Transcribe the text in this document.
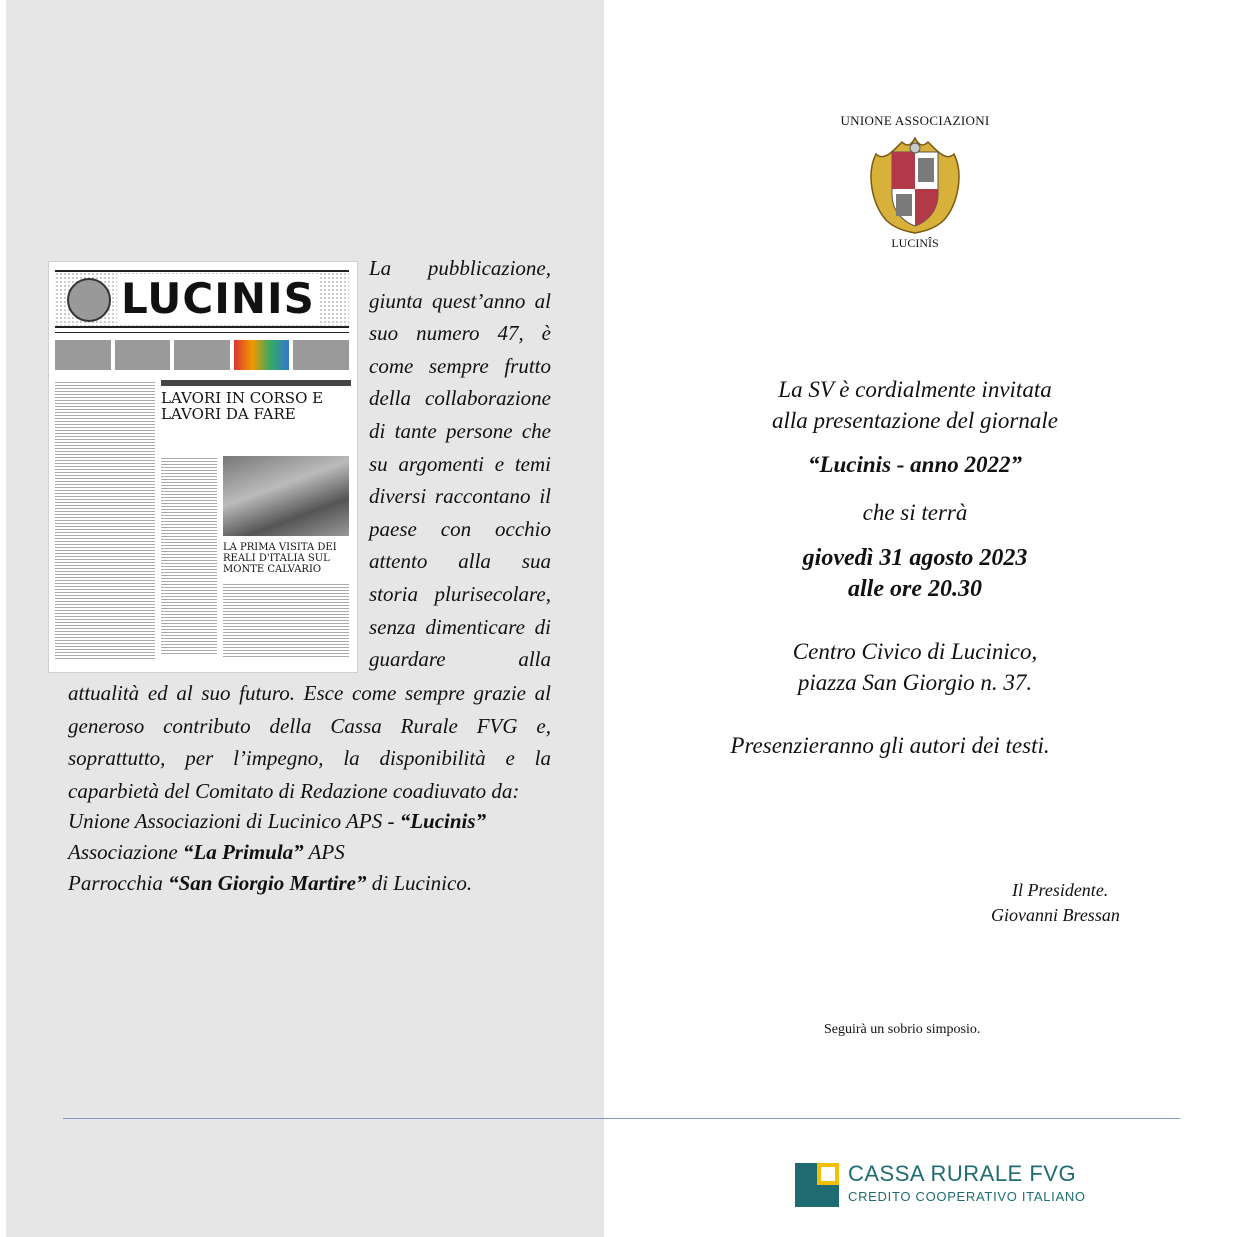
LUCINIS
LAVORI IN CORSO E LAVORI DA FARE
LA PRIMA VISITA DEI REALI D'ITALIA SUL MONTE CALVARIO
La pubblicazione, giunta quest’anno al suo numero 47, è come sempre frutto della collaborazione di tante persone che su argomenti e temi diversi raccontano il paese con occhio attento alla sua storia plurisecolare, senza dimenticare di guardare alla
attualità ed al suo futuro. Esce come sempre grazie al generoso contributo della Cassa Rurale FVG e, soprattutto, per l’impegno, la disponibilità e la caparbietà del Comitato di Redazione coadiuvato da:
Unione Associazioni di Lucinico APS - “Lucinis”
Associazione “La Primula” APS
Parrocchia “San Giorgio Martire” di Lucinico.
UNIONE ASSOCIAZIONI
LUCINÎS
La SV è cordialmente invitata
alla presentazione del giornale
“Lucinis - anno 2022”
che si terrà
giovedì 31 agosto 2023
alle ore 20.30
Centro Civico di Lucinico,
piazza San Giorgio n. 37.
Presenzieranno gli autori dei testi.
Il Presidente.
Giovanni Bressan
Seguirà un sobrio simposio.
CASSA RURALE FVG
CREDITO COOPERATIVO ITALIANO
